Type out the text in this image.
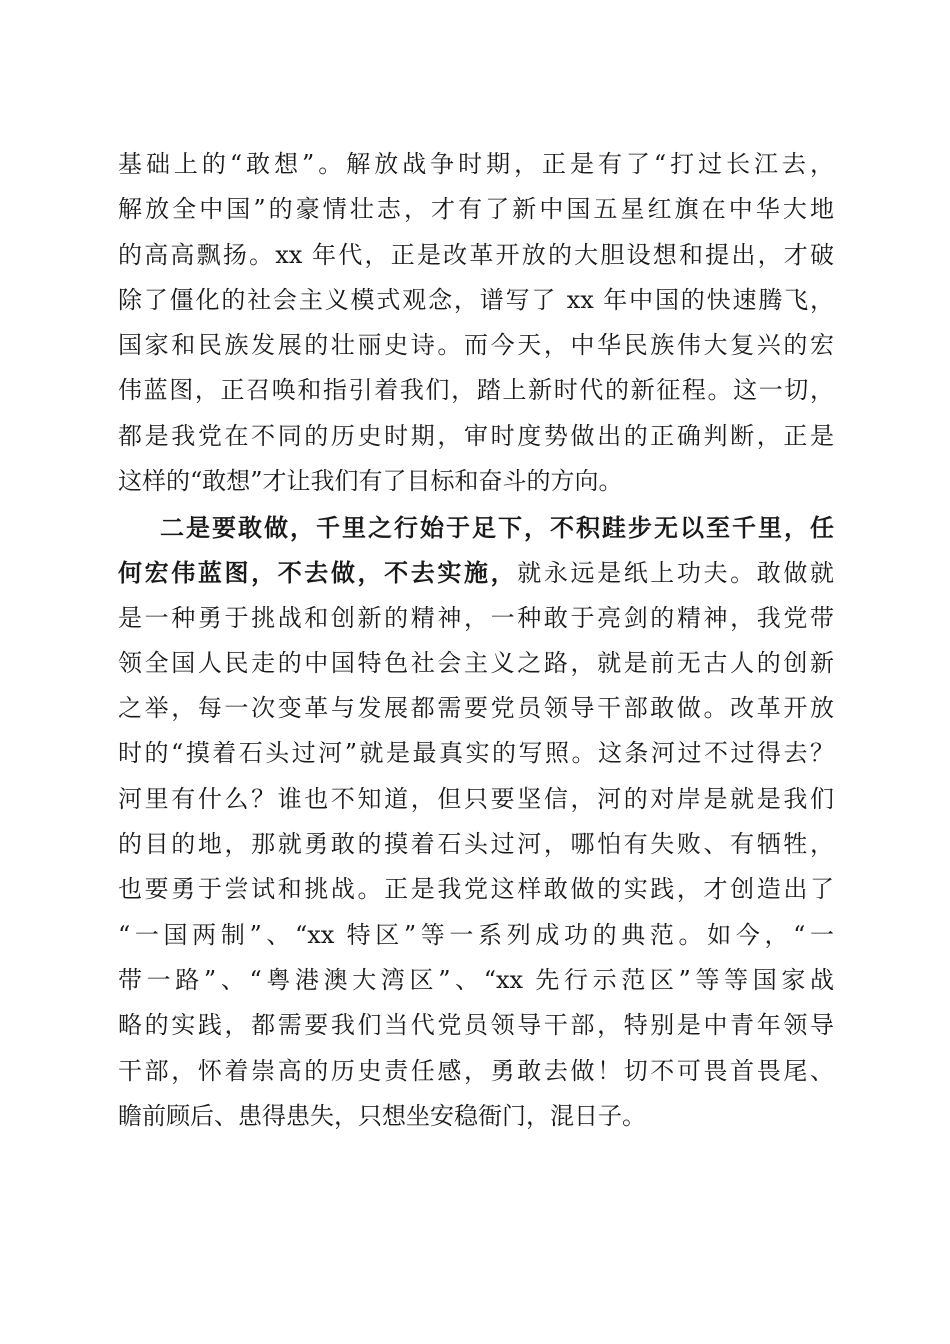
基础上的“敢想”。解放战争时期，正是有了“打过长江去，
解放全中国”的豪情壮志，才有了新中国五星红旗在中华大地
的高高飘扬。xx 年代，正是改革开放的大胆设想和提出，才破
除了僵化的社会主义模式观念，谱写了 xx 年中国的快速腾飞，
国家和民族发展的壮丽史诗。而今天，中华民族伟大复兴的宏
伟蓝图，正召唤和指引着我们，踏上新时代的新征程。这一切，
都是我党在不同的历史时期，审时度势做出的正确判断，正是
这样的“敢想”才让我们有了目标和奋斗的方向。
二是要敢做，千里之行始于足下，不积跬步无以至千里，任
何宏伟蓝图，不去做，不去实施，就永远是纸上功夫。敢做就
是一种勇于挑战和创新的精神，一种敢于亮剑的精神，我党带
领全国人民走的中国特色社会主义之路，就是前无古人的创新
之举，每一次变革与发展都需要党员领导干部敢做。改革开放
时的“摸着石头过河”就是最真实的写照。这条河过不过得去？
河里有什么？谁也不知道，但只要坚信，河的对岸是就是我们
的目的地，那就勇敢的摸着石头过河，哪怕有失败、有牺牲，
也要勇于尝试和挑战。正是我党这样敢做的实践，才创造出了
“一国两制”、“xx 特区”等一系列成功的典范。如今，“一
带一路”、“粤港澳大湾区”、“xx 先行示范区”等等国家战
略的实践，都需要我们当代党员领导干部，特别是中青年领导
干部，怀着崇高的历史责任感，勇敢去做！切不可畏首畏尾、
瞻前顾后、患得患失，只想坐安稳衙门，混日子。
